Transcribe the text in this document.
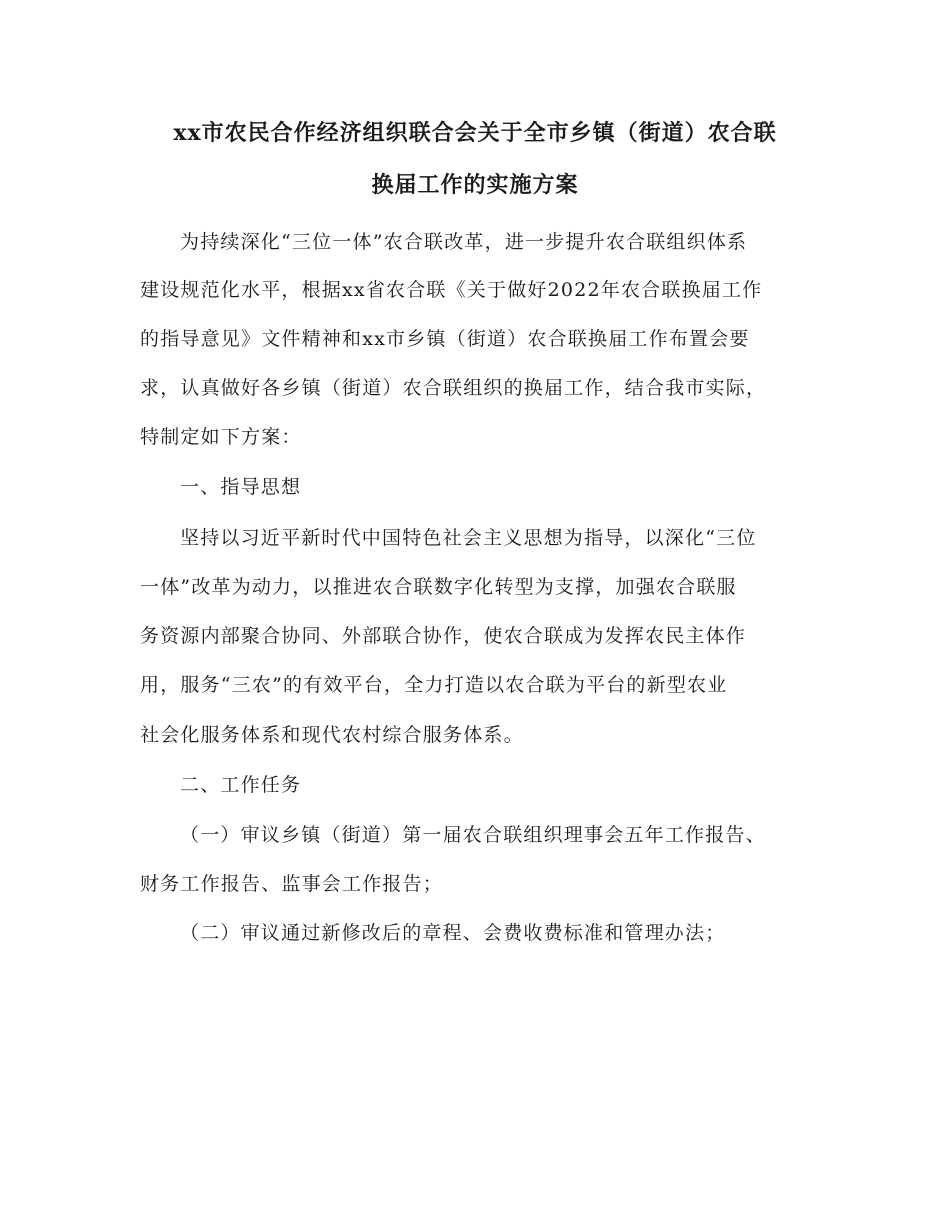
xx市农民合作经济组织联合会关于全市乡镇（街道）农合联
换届工作的实施方案
为持续深化“三位一体”农合联改革，进一步提升农合联组织体系
建设规范化水平，根据xx省农合联《关于做好2022年农合联换届工作
的指导意见》文件精神和xx市乡镇（街道）农合联换届工作布置会要
求，认真做好各乡镇（街道）农合联组织的换届工作，结合我市实际，
特制定如下方案：
一、指导思想
坚持以习近平新时代中国特色社会主义思想为指导，以深化“三位
一体”改革为动力，以推进农合联数字化转型为支撑，加强农合联服
务资源内部聚合协同、外部联合协作，使农合联成为发挥农民主体作
用，服务“三农”的有效平台，全力打造以农合联为平台的新型农业
社会化服务体系和现代农村综合服务体系。
二、工作任务
（一）审议乡镇（街道）第一届农合联组织理事会五年工作报告、
财务工作报告、监事会工作报告；
（二）审议通过新修改后的章程、会费收费标准和管理办法；
